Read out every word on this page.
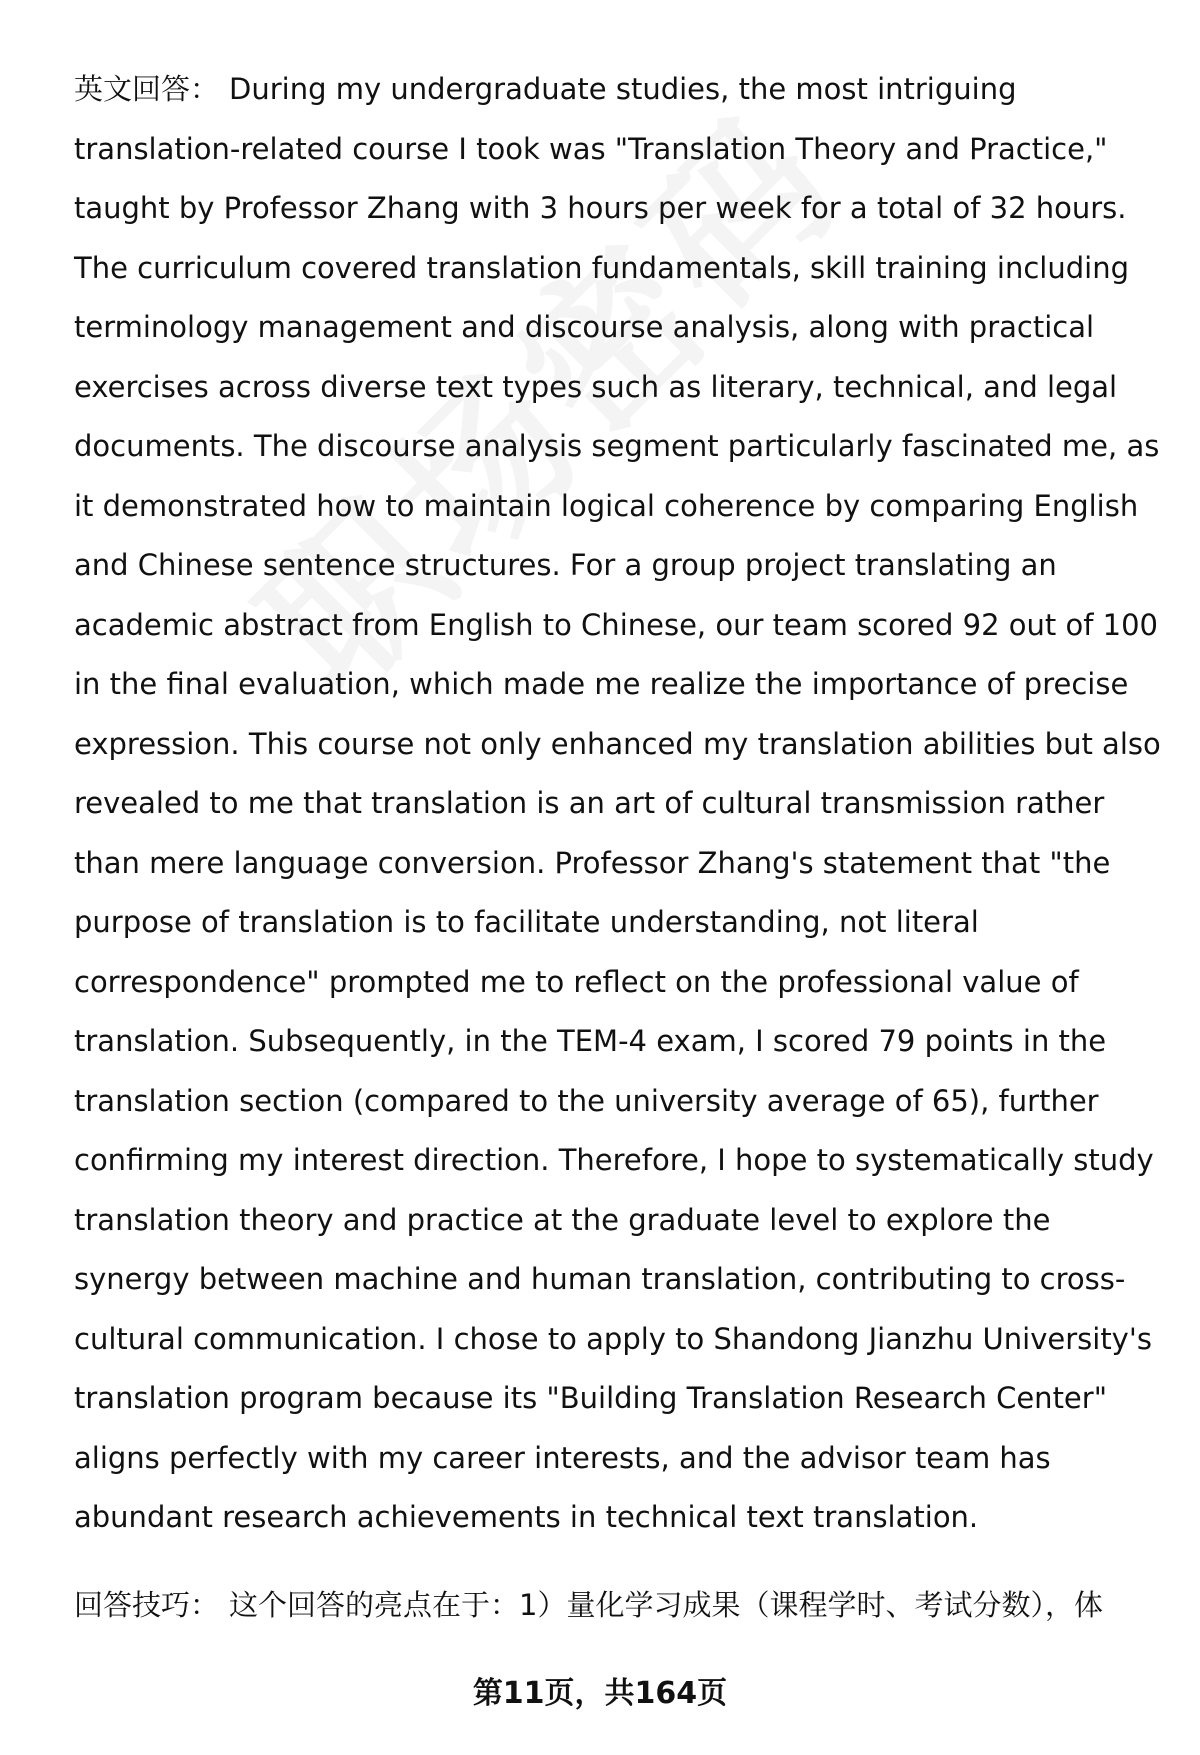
英文回答： During my undergraduate studies, the most intriguing translation-related course I took was "Translation Theory and Practice," taught by Professor Zhang with 3 hours per week for a total of 32 hours. The curriculum covered translation fundamentals, skill training including terminology management and discourse analysis, along with practical exercises across diverse text types such as literary, technical, and legal documents. The discourse analysis segment particularly fascinated me, as it demonstrated how to maintain logical coherence by comparing English and Chinese sentence structures. For a group project translating an academic abstract from English to Chinese, our team scored 92 out of 100 in the final evaluation, which made me realize the importance of precise expression. This course not only enhanced my translation abilities but also revealed to me that translation is an art of cultural transmission rather than mere language conversion. Professor Zhang's statement that "the purpose of translation is to facilitate understanding, not literal correspondence" prompted me to reflect on the professional value of translation. Subsequently, in the TEM-4 exam, I scored 79 points in the translation section (compared to the university average of 65), further confirming my interest direction. Therefore, I hope to systematically study translation theory and practice at the graduate level to explore the synergy between machine and human translation, contributing to cross-cultural communication. I chose to apply to Shandong Jianzhu University's translation program because its "Building Translation Research Center" aligns perfectly with my career interests, and the advisor team has abundant research achievements in technical text translation.

回答技巧： 这个回答的亮点在于：1）量化学习成果（课程学时、考试分数），体

第11页，共164页
